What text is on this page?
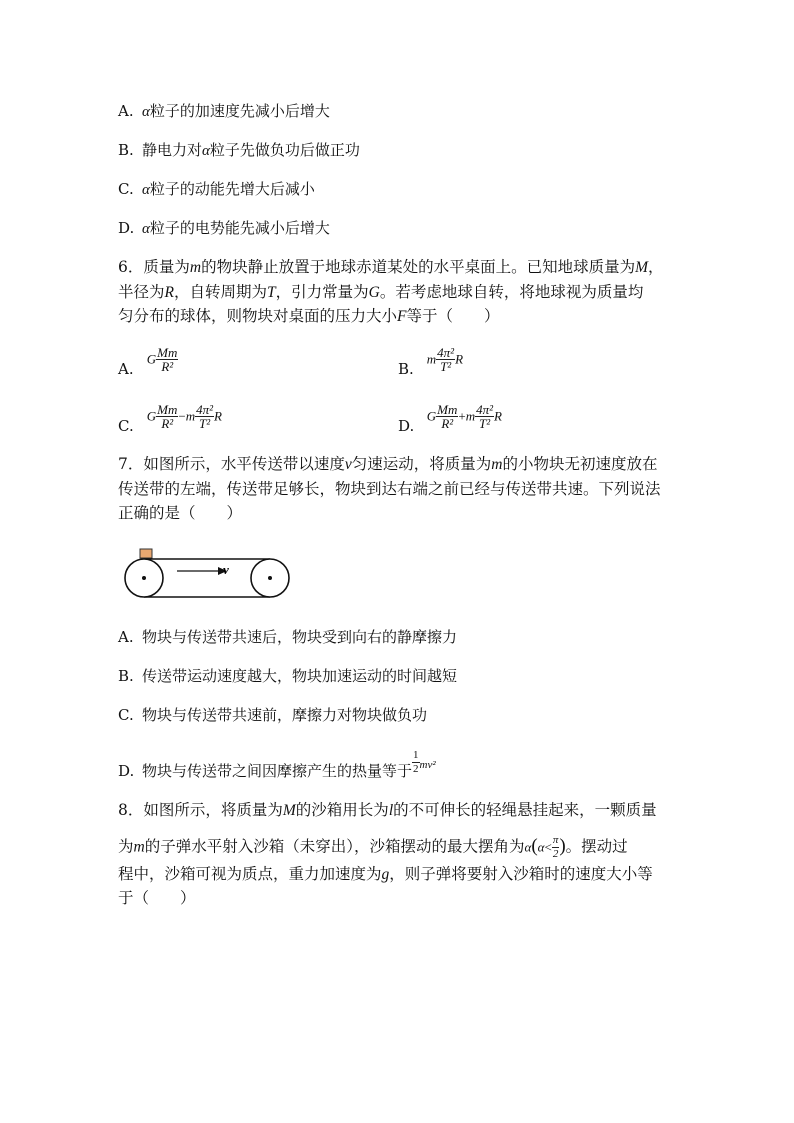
A. α粒子的加速度先减小后增大
B. 静电力对α粒子先做负功后做正功
C. α粒子的动能先增大后减小
D. α粒子的电势能先减小后增大
6．质量为m的物块静止放置于地球赤道某处的水平桌面上。已知地球质量为M，
半径为R，自转周期为T，引力常量为G。若考虑地球自转，将地球视为质量均
匀分布的球体，则物块对桌面的压力大小F等于（　　）
A. G $\frac{Mm}{\text{R²}}$	B. m $\frac{\text{4π²}}{\text{T²}}$ R
C. G $\frac{Mm}{\text{R²}} -m \frac{\text{4π²}}{\text{T²}}$ R
D. G $\frac{Mm}{\text{R²}} +m \frac{\text{4π²}}{\text{T²}}$ R
7．如图所示，水平传送带以速度v匀速运动，将质量为m的小物块无初速度放在
传送带的左端，传送带足够长，物块到达右端之前已经与传送带共速。下列说法
正确的是（　　）
v
A. 物块与传送带共速后，物块受到向右的静摩擦力
B. 传送带运动速度越大，物块加速运动的时间越短
C. 物块与传送带共速前，摩擦力对物块做负功
D. 物块与传送带之间因摩擦产生的热量等于 $\frac{1}{2} ^{mv^2}$
8．如图所示，将质量为M的沙箱用长为l的不可伸长的轻绳悬挂起来，一颗质量
为m的子弹水平射入沙箱（未穿出），沙箱摆动的最大摆角为$\alpha(\alpha< \frac{\pi}{2}$ )。摆动过
程中，沙箱可视为质点，重力加速度为g，则子弹将要射入沙箱时的速度大小等
于（　　）
